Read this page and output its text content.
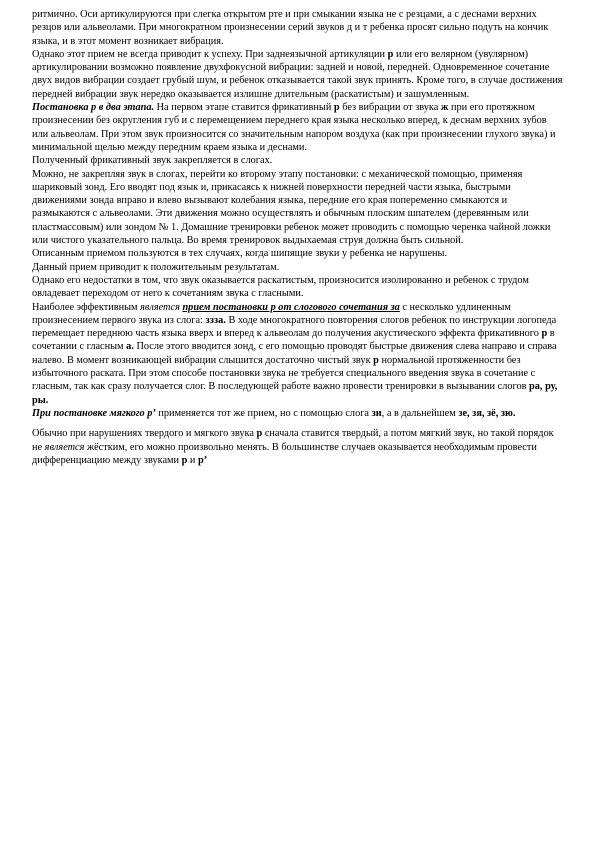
ритмично. Оси артикулируются при слегка открытом рте и при смыкании языка не с резцами, а с деснами верхних резцов или альвеолами. При многократном произнесении серий звуков д и т ребенка просят сильно подуть на кончик языка, и в этот момент возникает вибрация.

Однако этот прием не всегда приводит к успеху. При заднеязычной артикуляции р или его велярном (увулярном) артикулировании возможно появление двухфокусной вибрации: задней и новой, передней. Одновременное сочетание двух видов вибрации создает грубый шум, и ребенок отказывается такой звук принять. Кроме того, в случае достижения передней вибрации звук нередко оказывается излишне длительным (раскатистым) и зашумленным.

Постановка р в два этапа. На первом этапе ставится фрикативный р без вибрации от звука ж при его протяжном произнесении без округления губ и с перемещением переднего края языка несколько вперед, к деснам верхних зубов или альвеолам. При этом звук произносится со значительным напором воздуха (как при произнесении глухого звука) и минимальной щелью между передним краем языка и деснами.

Полученный фрикативный звук закрепляется в слогах.

Можно, не закрепляя звук в слогах, перейти ко второму этапу постановки: с механической помощью, применяя шариковый зонд. Его вводят под язык и, прикасаясь к нижней поверхности передней части языка, быстрыми движениями зонда вправо и влево вызывают колебания языка, передние его края попеременно смыкаются и размыкаются с альвеолами. Эти движения можно осуществлять и обычным плоским шпателем (деревянным или пластмассовым) или зондом № 1. Домашние тренировки ребенок может проводить с помощью черенка чайной ложки или чистого указательного пальца. Во время тренировок выдыхаемая струя должна быть сильной.

Описанным приемом пользуются в тех случаях, когда шипящие звуки у ребенка не нарушены.

Данный прием приводит к положительным результатам.

Однако его недостатки в том, что звук оказывается раскатистым, произносится изолированно и ребенок с трудом овладевает переходом от него к сочетаниям звука с гласными.

Наиболее эффективным является прием постановки р от слогового сочетания за с несколько удлиненным произнесением первого звука из слога: ззза. В ходе многократного повторения слогов ребенок по инструкции логопеда перемещает переднюю часть языка вверх и вперед к альвеолам до получения акустического эффекта фрикативного р в сочетании с гласным а. После этого вводится зонд, с его помощью проводят быстрые движения слева направо и справа налево. В момент возникающей вибрации слышится достаточно чистый звук р нормальной протяженности без избыточного раската. При этом способе постановки звука не требуется специального введения звука в сочетание с гласным, так как сразу получается слог. В последующей работе важно провести тренировки в вызывании слогов ра, ру, ры.

При постановке мягкого р’ применяется тот же прием, но с помощью слога зи, а в дальнейшем зе, зя, зё, зю.

Обычно при нарушениях твердого и мягкого звука р сначала ставится твердый, а потом мягкий звук, но такой порядок не является жёстким, его можно произвольно менять. В большинстве случаев оказывается необходимым провести дифференциацию между звуками р и р’
